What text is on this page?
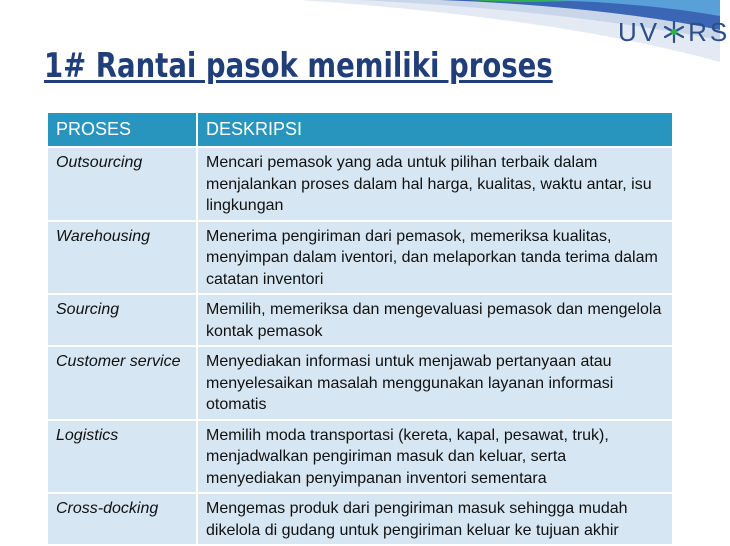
UV RS
1# Rantai pasok memiliki proses
PROSES	DESKRIPSI
Outsourcing	Mencari pemasok yang ada untuk pilihan terbaik dalam menjalankan proses dalam hal harga, kualitas, waktu antar, isu lingkungan
Warehousing	Menerima pengiriman dari pemasok, memeriksa kualitas, menyimpan dalam iventori, dan melaporkan tanda terima dalam catatan inventori
Sourcing	Memilih, memeriksa dan mengevaluasi pemasok dan mengelola kontak pemasok
Customer service	Menyediakan informasi untuk menjawab pertanyaan atau menyelesaikan masalah menggunakan layanan informasi otomatis
Logistics	Memilih moda transportasi (kereta, kapal, pesawat, truk), menjadwalkan pengiriman masuk dan keluar, serta menyediakan penyimpanan inventori sementara
Cross-docking	Mengemas produk dari pengiriman masuk sehingga mudah dikelola di gudang untuk pengiriman keluar ke tujuan akhir
